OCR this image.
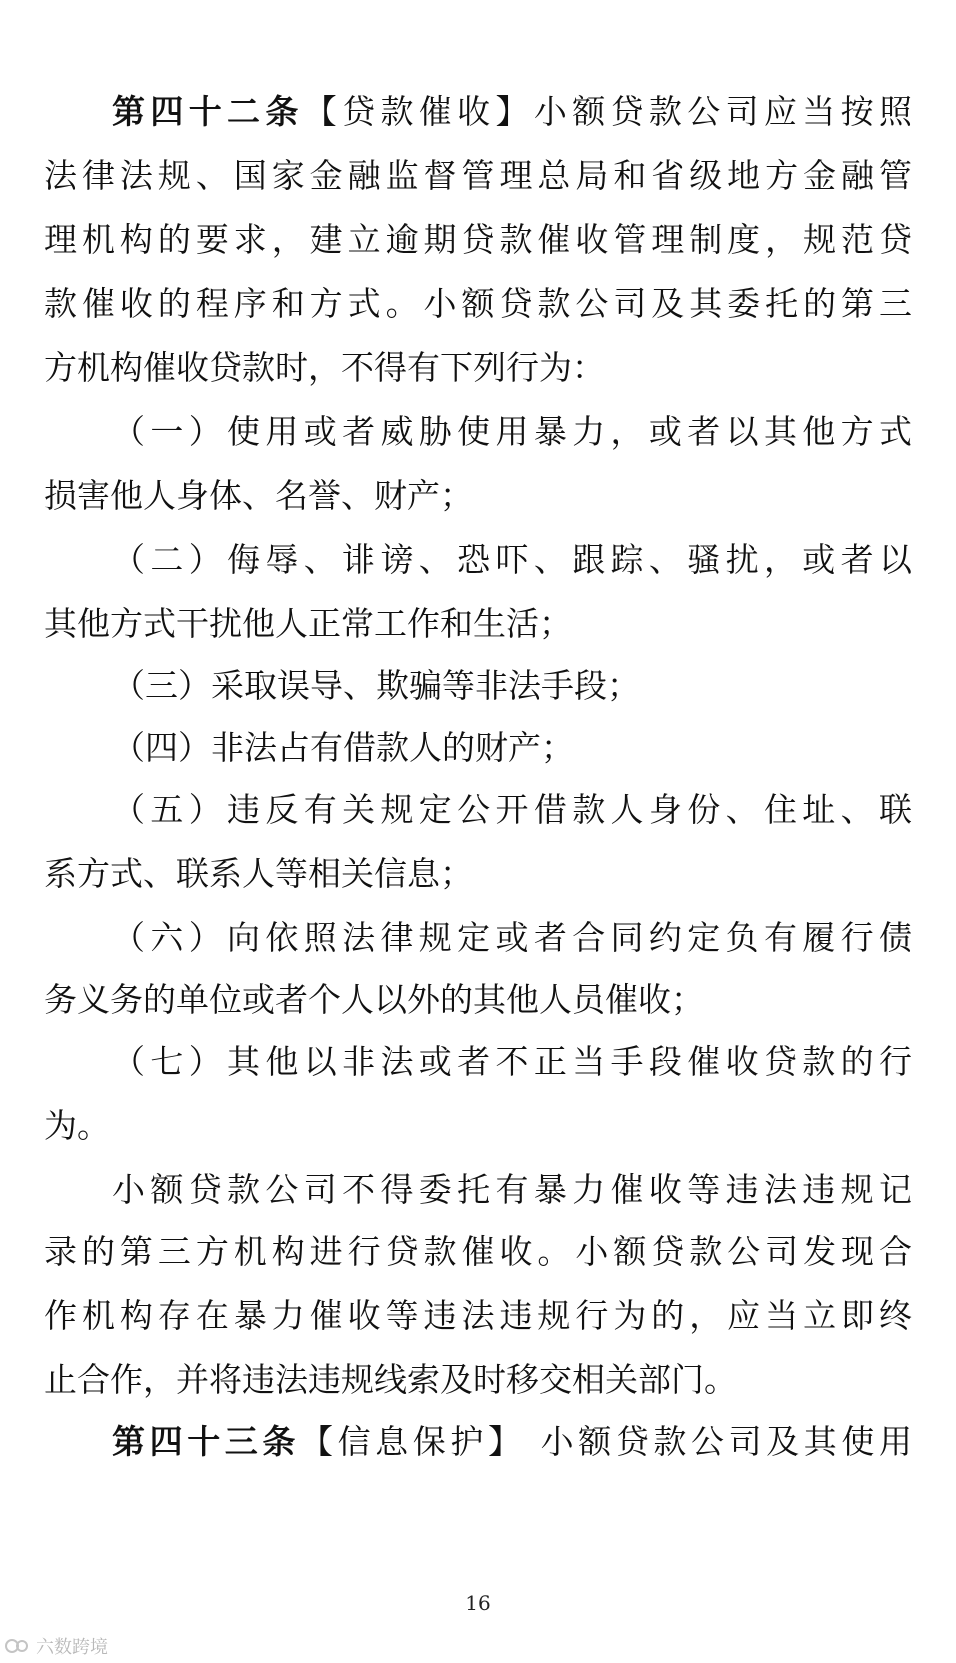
第四十二条【贷款催收】小额贷款公司应当按照
法律法规、国家金融监督管理总局和省级地方金融管
理机构的要求，建立逾期贷款催收管理制度，规范贷
款催收的程序和方式。小额贷款公司及其委托的第三
方机构催收贷款时，不得有下列行为：
（一）使用或者威胁使用暴力，或者以其他方式
损害他人身体、名誉、财产；
（二）侮辱、诽谤、恐吓、跟踪、骚扰，或者以
其他方式干扰他人正常工作和生活；
（三）采取误导、欺骗等非法手段；
（四）非法占有借款人的财产；
（五）违反有关规定公开借款人身份、住址、联
系方式、联系人等相关信息；
（六）向依照法律规定或者合同约定负有履行债
务义务的单位或者个人以外的其他人员催收；
（七）其他以非法或者不正当手段催收贷款的行
为。
小额贷款公司不得委托有暴力催收等违法违规记
录的第三方机构进行贷款催收。小额贷款公司发现合
作机构存在暴力催收等违法违规行为的，应当立即终
止合作，并将违法违规线索及时移交相关部门。
第四十三条【信息保护】 小额贷款公司及其使用
16
六数跨境
